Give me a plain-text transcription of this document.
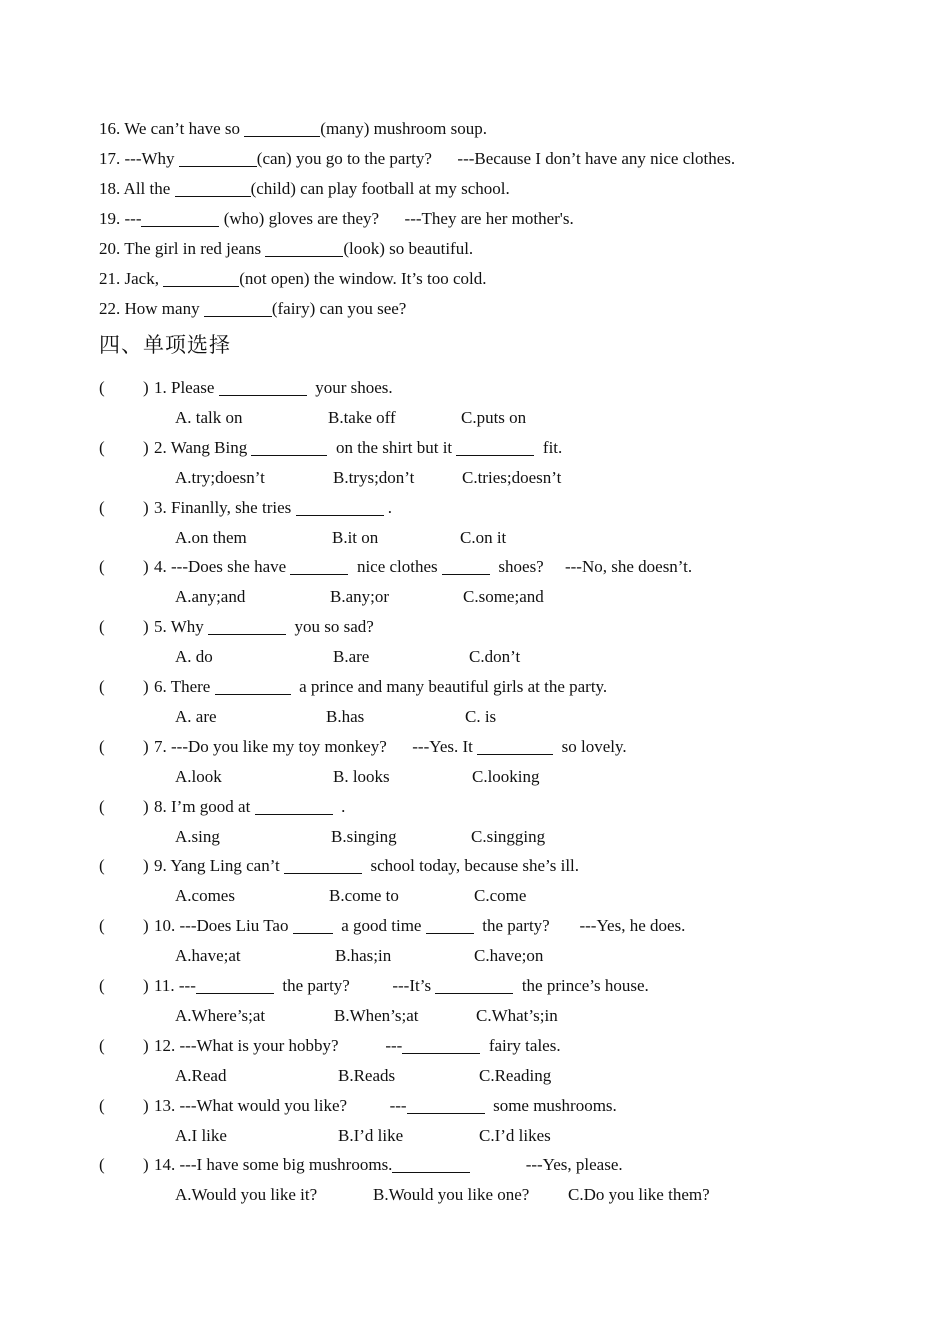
16. We can’t have so	(many) mushroom soup.
17. ---Why	(can) you go to the party?      ---Because I don’t have any nice clothes.
18. All the	(child) can play football at my school.
19. ---	(who) gloves are they?      ---They are her mother's.
20. The girl in red jeans	(look) so beautiful.
21. Jack,	(not open) the window. It’s too cold.
22. How many	(fairy) can you see?
四、单项选择
( ) 1. Please	your shoes.
A. talk on	B.take off	C.puts on
( ) 2. Wang Bing	on the shirt but it	fit.
A.try;doesn’t	B.trys;don’t	C.tries;doesn’t
( ) 3. Finanlly, she tries	.
A.on them	B.it on	C.on it
( ) 4. ---Does she have	nice clothes	shoes?     ---No, she doesn’t.
A.any;and	B.any;or	C.some;and
( ) 5. Why	you so sad?
A. do	B.are	C.don’t
( ) 6. There	a prince and many beautiful girls at the party.
A. are	B.has	C. is
( ) 7. ---Do you like my toy monkey?      ---Yes. It	so lovely.
A.look	B. looks	C.looking
( ) 8. I’m good at	.
A.sing	B.singing	C.singging
( ) 9. Yang Ling can’t	school today, because she’s ill.
A.comes	B.come to	C.come
( ) 10. ---Does Liu Tao	a good time	the party?       ---Yes, he does.
A.have;at	B.has;in	C.have;on
( ) 11. ---	the party?          ---It’s	the prince’s house.
A.Where’s;at	B.When’s;at	C.What’s;in
( ) 12. ---What is your hobby?           ---	fairy tales.
A.Read	B.Reads	C.Reading
( ) 13. ---What would you like?          ---	some mushrooms.
A.I like	B.I’d like	C.I’d likes
( ) 14. ---I have some big mushrooms.	---Yes, please.
A.Would you like it?	B.Would you like one? C.Do you like them?
